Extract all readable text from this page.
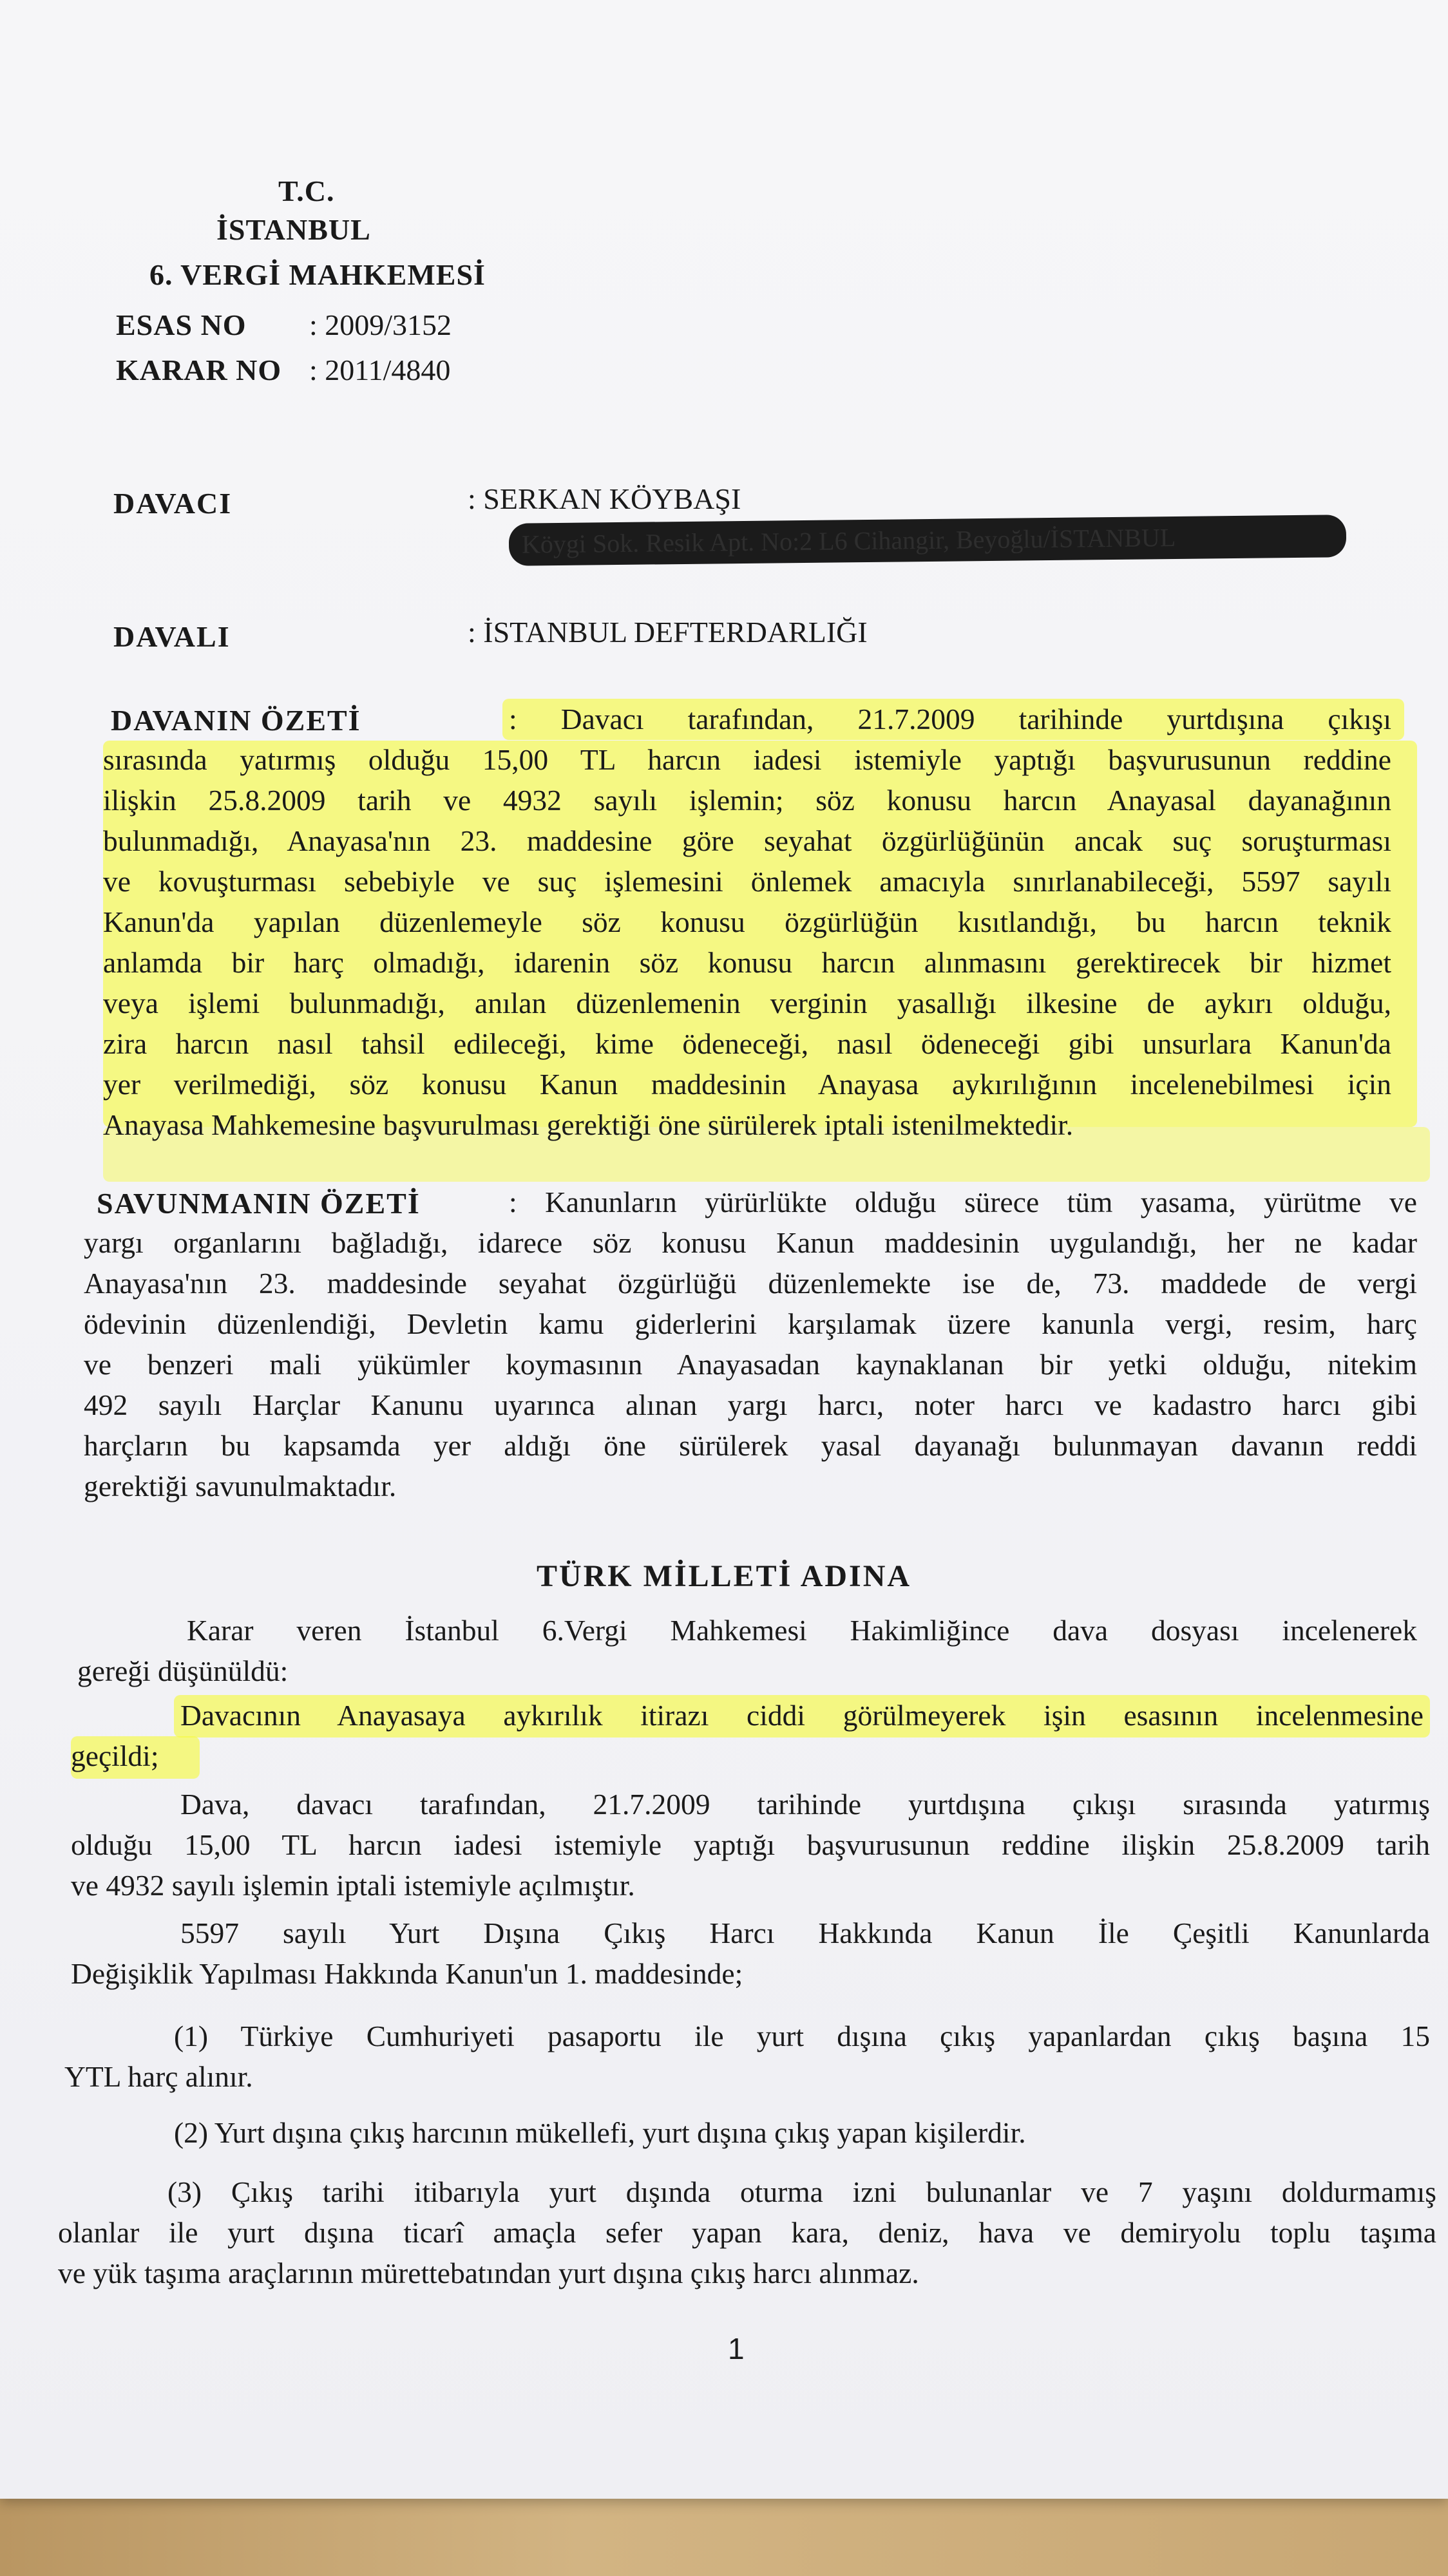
T.C.
İSTANBUL
6. VERGİ MAHKEMESİ
ESAS NO : 2009/3152
KARAR NO : 2011/4840
DAVACI	: SERKAN KÖYBAŞI
Köygi Sok. Resik Apt. No:2 L6 Cihangir, Beyoğlu/İSTANBUL
DAVALI	: İSTANBUL DEFTERDARLIĞI
DAVANIN ÖZETİ	: Davacı tarafından, 21.7.2009 tarihinde yurtdışına çıkışı
sırasında yatırmış olduğu 15,00 TL harcın iadesi istemiyle yaptığı başvurusunun reddine
ilişkin 25.8.2009 tarih ve 4932 sayılı işlemin; söz konusu harcın Anayasal dayanağının
bulunmadığı, Anayasa'nın 23. maddesine göre seyahat özgürlüğünün ancak suç soruşturması
ve kovuşturması sebebiyle ve suç işlemesini önlemek amacıyla sınırlanabileceği, 5597 sayılı
Kanun'da yapılan düzenlemeyle söz konusu özgürlüğün kısıtlandığı, bu harcın teknik
anlamda bir harç olmadığı, idarenin söz konusu harcın alınmasını gerektirecek bir hizmet
veya işlemi bulunmadığı, anılan düzenlemenin verginin yasallığı ilkesine de aykırı olduğu,
zira harcın nasıl tahsil edileceği, kime ödeneceği, nasıl ödeneceği gibi unsurlara Kanun'da
yer verilmediği, söz konusu Kanun maddesinin Anayasa aykırılığının incelenebilmesi için
Anayasa Mahkemesine başvurulması gerektiği öne sürülerek iptali istenilmektedir.
SAVUNMANIN ÖZETİ	: Kanunların yürürlükte olduğu sürece tüm yasama, yürütme ve
yargı organlarını bağladığı, idarece söz konusu Kanun maddesinin uygulandığı, her ne kadar
Anayasa'nın 23. maddesinde seyahat özgürlüğü düzenlemekte ise de, 73. maddede de vergi
ödevinin düzenlendiği, Devletin kamu giderlerini karşılamak üzere kanunla vergi, resim, harç
ve benzeri mali yükümler koymasının Anayasadan kaynaklanan bir yetki olduğu, nitekim
492 sayılı Harçlar Kanunu uyarınca alınan yargı harcı, noter harcı ve kadastro harcı gibi
harçların bu kapsamda yer aldığı öne sürülerek yasal dayanağı bulunmayan davanın reddi
gerektiği savunulmaktadır.
TÜRK MİLLETİ ADINA
Karar veren İstanbul 6.Vergi Mahkemesi Hakimliğince dava dosyası incelenerek
gereği düşünüldü:
Davacının Anayasaya aykırılık itirazı ciddi görülmeyerek işin esasının incelenmesine
geçildi;
Dava, davacı tarafından, 21.7.2009 tarihinde yurtdışına çıkışı sırasında yatırmış
olduğu 15,00 TL harcın iadesi istemiyle yaptığı başvurusunun reddine ilişkin 25.8.2009 tarih
ve 4932 sayılı işlemin iptali istemiyle açılmıştır.
5597 sayılı Yurt Dışına Çıkış Harcı Hakkında Kanun İle Çeşitli Kanunlarda
Değişiklik Yapılması Hakkında Kanun'un 1. maddesinde;
(1) Türkiye Cumhuriyeti pasaportu ile yurt dışına çıkış yapanlardan çıkış başına 15
YTL harç alınır.
(2) Yurt dışına çıkış harcının mükellefi, yurt dışına çıkış yapan kişilerdir.
(3) Çıkış tarihi itibarıyla yurt dışında oturma izni bulunanlar ve 7 yaşını doldurmamış
olanlar ile yurt dışına ticarî amaçla sefer yapan kara, deniz, hava ve demiryolu toplu taşıma
ve yük taşıma araçlarının mürettebatından yurt dışına çıkış harcı alınmaz.
1
